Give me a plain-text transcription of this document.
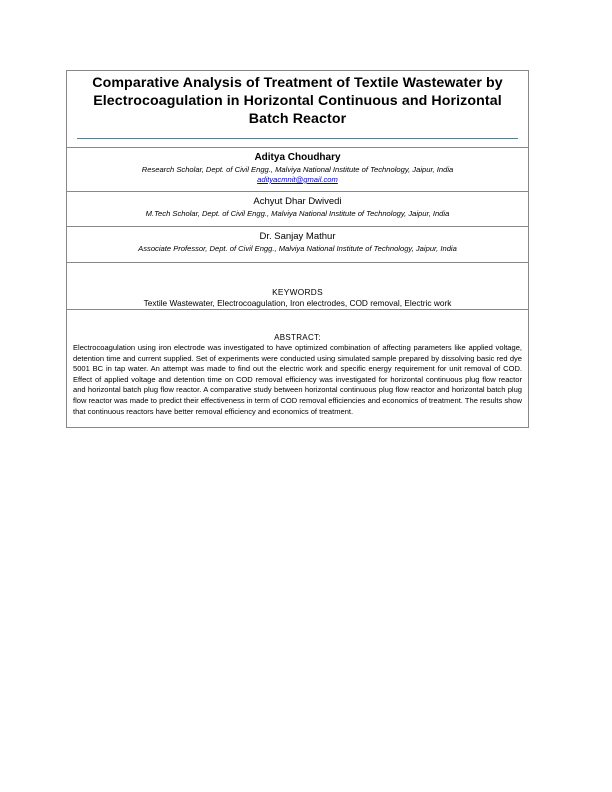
Comparative Analysis of Treatment of Textile Wastewater by
Electrocoagulation in Horizontal Continuous and Horizontal
Batch Reactor

Aditya Choudhary
Research Scholar, Dept. of Civil Engg., Malviya National Institute of Technology, Jaipur, India
adityacmnit@gmail.com
Achyut Dhar Dwivedi
M.Tech Scholar, Dept. of Civil Engg., Malviya National Institute of Technology, Jaipur, India
Dr. Sanjay Mathur
Associate Professor, Dept. of Civil Engg., Malviya National Institute of Technology, Jaipur, India
KEYWORDS
Textile Wastewater, Electrocoagulation, Iron electrodes, COD removal, Electric work
ABSTRACT:

Electrocoagulation using iron electrode was investigated to have optimized combination of affecting parameters like applied voltage, detention time and current supplied. Set of experiments were conducted using simulated sample prepared by dissolving basic red dye 5001 BC in tap water. An attempt was made to find out the electric work and specific energy requirement for unit removal of COD. Effect of applied voltage and detention time on COD removal efficiency was investigated for horizontal continuous plug flow reactor and horizontal batch plug flow reactor. A comparative study between horizontal continuous plug flow reactor and horizontal batch plug flow reactor was made to predict their effectiveness in term of COD removal efficiencies and economics of treatment. The results show that continuous reactors have better removal efficiency and economics of treatment.
